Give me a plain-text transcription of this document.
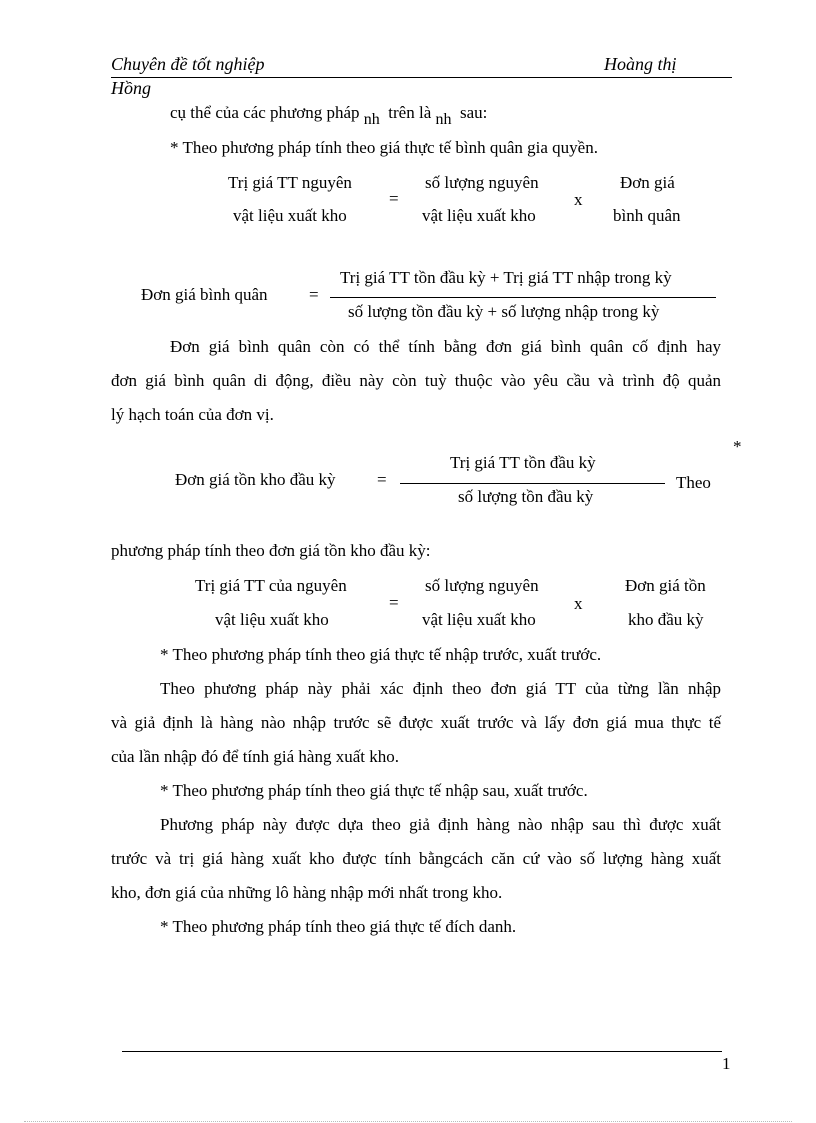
Chuyên đề tốt nghiệp	Hoàng thị
Hồng
cụ thể của các phương pháp nh trên là nh sau:
* Theo phương pháp tính theo giá thực tế bình quân gia quyền.
Trị giá TT nguyên
vật liệu xuất kho
=
số lượng nguyên
vật liệu xuất kho
x
Đơn giá
bình quân
Đơn giá bình quân =
Trị giá TT tồn đầu kỳ + Trị giá TT nhập trong kỳ
số lượng tồn đầu kỳ + số lượng nhập trong kỳ
Đơn giá bình quân còn có thể tính bằng đơn giá bình quân cố định hay
đơn giá bình quân di động, điều này còn tuỳ thuộc vào yêu cầu và trình độ quản
lý hạch toán của đơn vị.
*
Đơn giá tồn kho đầu kỳ =
Trị giá TT tồn đầu kỳ
số lượng tồn đầu kỳ
Theo
phương pháp tính theo đơn giá tồn kho đầu kỳ:
Trị giá TT của nguyên
vật liệu xuất kho
=
số lượng nguyên
vật liệu xuất kho
x
Đơn giá tồn
kho đầu kỳ
* Theo phương pháp tính theo giá thực tế nhập trước, xuất trước.
Theo phương pháp này phải xác định theo đơn giá TT của từng lần nhập
và giả định là hàng nào nhập trước sẽ được xuất trước và lấy đơn giá mua thực tế
của lần nhập đó để tính giá hàng xuất kho.
* Theo phương pháp tính theo giá thực tế nhập sau, xuất trước.
Phương pháp này được dựa theo giả định hàng nào nhập sau thì được xuất
trước và trị giá hàng xuất kho được tính bằngcách căn cứ vào số lượng hàng xuất
kho, đơn giá của những lô hàng nhập mới nhất trong kho.
* Theo phương pháp tính theo giá thực tế đích danh.
1
